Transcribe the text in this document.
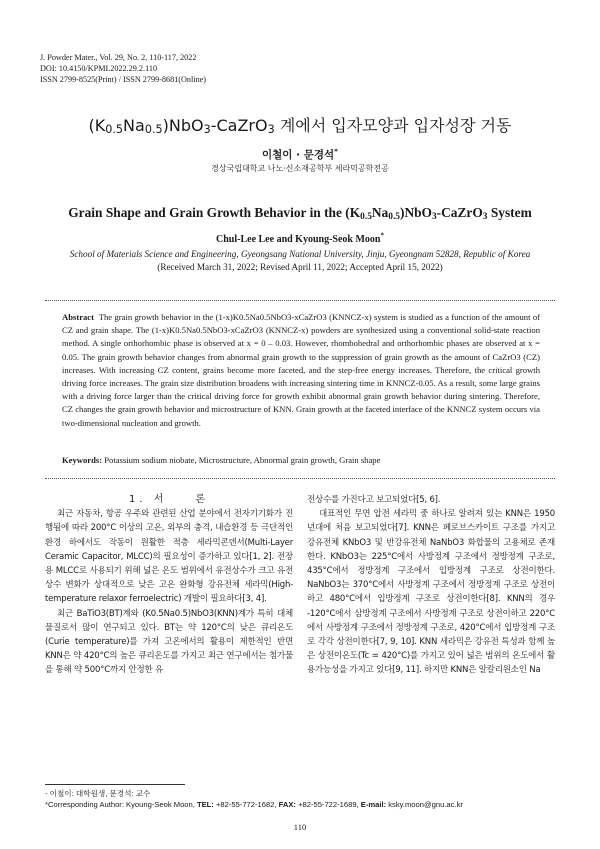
J. Powder Mater., Vol. 29, No. 2, 110-117, 2022
DOI: 10.4150/KPMI.2022.29.2.110
ISSN 2799-8525(Print) / ISSN 2799-8681(Online)
$(K_{0.5}Na_{0.5})NbO_3-CaZrO_3$ 계에서 입자모양과 입자성장 거동
이철이 · 문경석*
경상국립대학교 나노·신소재공학부 세라믹공학전공
Grain Shape and Grain Growth Behavior in the $(K_{0.5}Na_{0.5})NbO_3-CaZrO_3$ System
Chul-Lee Lee and Kyoung-Seok Moon*
School of Materials Science and Engineering, Gyeongsang National University, Jinju, Gyeongnam 52828, Republic of Korea
(Received March 31, 2022; Revised April 11, 2022; Accepted April 15, 2022)
Abstract The grain growth behavior in the (1-x)K0.5Na0.5NbO3-xCaZrO3 (KNNCZ-x) system is studied as a function of the amount of CZ and grain shape. The (1-x)K0.5Na0.5NbO3-xCaZrO3 (KNNCZ-x) powders are synthesized using a conventional solid-state reaction method. A single orthorhombic phase is observed at x = 0 – 0.03. However, rhombohedral and orthorhombic phases are observed at x = 0.05. The grain growth behavior changes from abnormal grain growth to the suppression of grain growth as the amount of CaZrO3 (CZ) increases. With increasing CZ content, grains become more faceted, and the step-free energy increases. Therefore, the critical growth driving force increases. The grain size distribution broadens with increasing sintering time in KNNCZ-0.05. As a result, some large grains with a driving force larger than the critical driving force for growth exhibit abnormal grain growth behavior during sintering. Therefore, CZ changes the grain growth behavior and microstructure of KNN. Grain growth at the faceted interface of the KNNCZ system occurs via two-dimensional nucleation and growth.
Keywords: Potassium sodium niobate, Microstructure, Abnormal grain growth, Grain shape

1. 서　　론

최근 자동차, 항공 우주와 관련된 산업 분야에서 전자기기화가 진행됨에 따라 200°C 이상의 고온, 외부의 충격, 내습환경 등 극단적인 환경 하에서도 작동이 원활한 적층 세라믹콘덴서(Multi-Layer Ceramic Capacitor, MLCC)의 필요성이 증가하고 있다[1, 2]. 전장용 MLCC로 사용되기 위해 넓은 온도 범위에서 유전상수가 크고 유전상수 변화가 상대적으로 낮은 고온 완화형 강유전체 세라믹(High-temperature relaxor ferroelectric) 개발이 필요하다[3, 4].

최근 BaTiO3(BT)계와 (K0.5Na0.5)NbO3(KNN)계가 특히 대체물질로서 많이 연구되고 있다. BT는 약 120°C의 낮은 큐리온도(Curie temperature)를 가져 고온에서의 활용이 제한적인 반면 KNN은 약 420°C의 높은 큐리온도를 가지고 최근 연구에서는 첨가물을 통해 약 500°C까지 안정한 유

전상수를 가진다고 보고되었다[5, 6].

대표적인 무연 압전 세라믹 중 하나로 알려져 있는 KNN은 1950년대에 처음 보고되었다[7]. KNN은 페로브스카이트 구조를 가지고 강유전체 KNbO3 및 반강유전체 NaNbO3 화합물의 고용체로 존재한다. KNbO3는 225°C에서 사방정계 구조에서 정방정계 구조로, 435°C에서 정방정계 구조에서 입방정계 구조로 상전이한다. NaNbO3는 370°C에서 사방정계 구조에서 정방정계 구조로 상전이하고 480°C에서 입방정계 구조로 상전이한다[8]. KNN의 경우 -120°C에서 삼방정계 구조에서 사방정계 구조로 상전이하고 220°C에서 사방정계 구조에서 정방정계 구조로, 420°C에서 입방정계 구조로 각각 상전이한다[7, 9, 10]. KNN 세라믹은 강유전 특성과 함께 높은 상전이온도(Tc = 420°C)를 가지고 있어 넓은 범위의 온도에서 활용가능성을 가지고 있다[9, 11]. 하지만 KNN은 알칼리원소인 Na

- 이철이: 대학원생, 문경석: 교수
*Corresponding Author: Kyoung-Seok Moon, TEL: +82-55-772-1682, FAX: +82-55-722-1689, E-mail: ksky.moon@gnu.ac.kr
110
